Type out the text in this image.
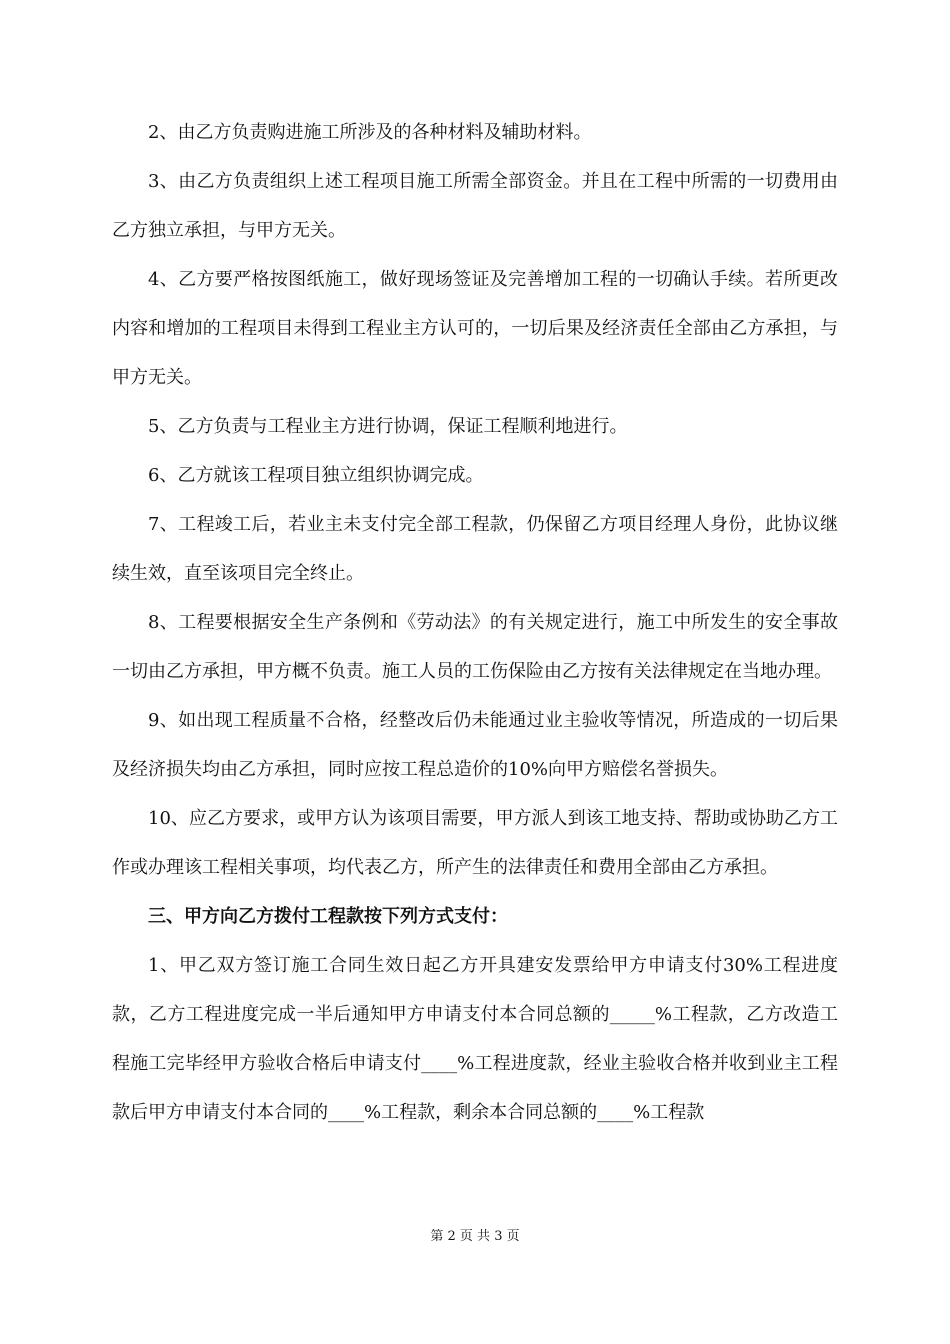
2、由乙方负责购进施工所涉及的各种材料及辅助材料。

3、由乙方负责组织上述工程项目施工所需全部资金。并且在工程中所需的一切费用由乙方独立承担，与甲方无关。

4、乙方要严格按图纸施工，做好现场签证及完善增加工程的一切确认手续。若所更改内容和增加的工程项目未得到工程业主方认可的，一切后果及经济责任全部由乙方承担，与甲方无关。

5、乙方负责与工程业主方进行协调，保证工程顺利地进行。

6、乙方就该工程项目独立组织协调完成。

7、工程竣工后，若业主未支付完全部工程款，仍保留乙方项目经理人身份，此协议继续生效，直至该项目完全终止。

8、工程要根据安全生产条例和《劳动法》的有关规定进行，施工中所发生的安全事故一切由乙方承担，甲方概不负责。施工人员的工伤保险由乙方按有关法律规定在当地办理。

9、如出现工程质量不合格，经整改后仍未能通过业主验收等情况，所造成的一切后果及经济损失均由乙方承担，同时应按工程总造价的10%向甲方赔偿名誉损失。

10、应乙方要求，或甲方认为该项目需要，甲方派人到该工地支持、帮助或协助乙方工作或办理该工程相关事项，均代表乙方，所产生的法律责任和费用全部由乙方承担。

三、甲方向乙方拨付工程款按下列方式支付：

1、甲乙双方签订施工合同生效日起乙方开具建安发票给甲方申请支付30%工程进度款，乙方工程进度完成一半后通知甲方申请支付本合同总额的_____%工程款，乙方改造工程施工完毕经甲方验收合格后申请支付____%工程进度款，经业主验收合格并收到业主工程款后甲方申请支付本合同的____%工程款，剩余本合同总额的____%工程款

第 2 页 共 3 页
